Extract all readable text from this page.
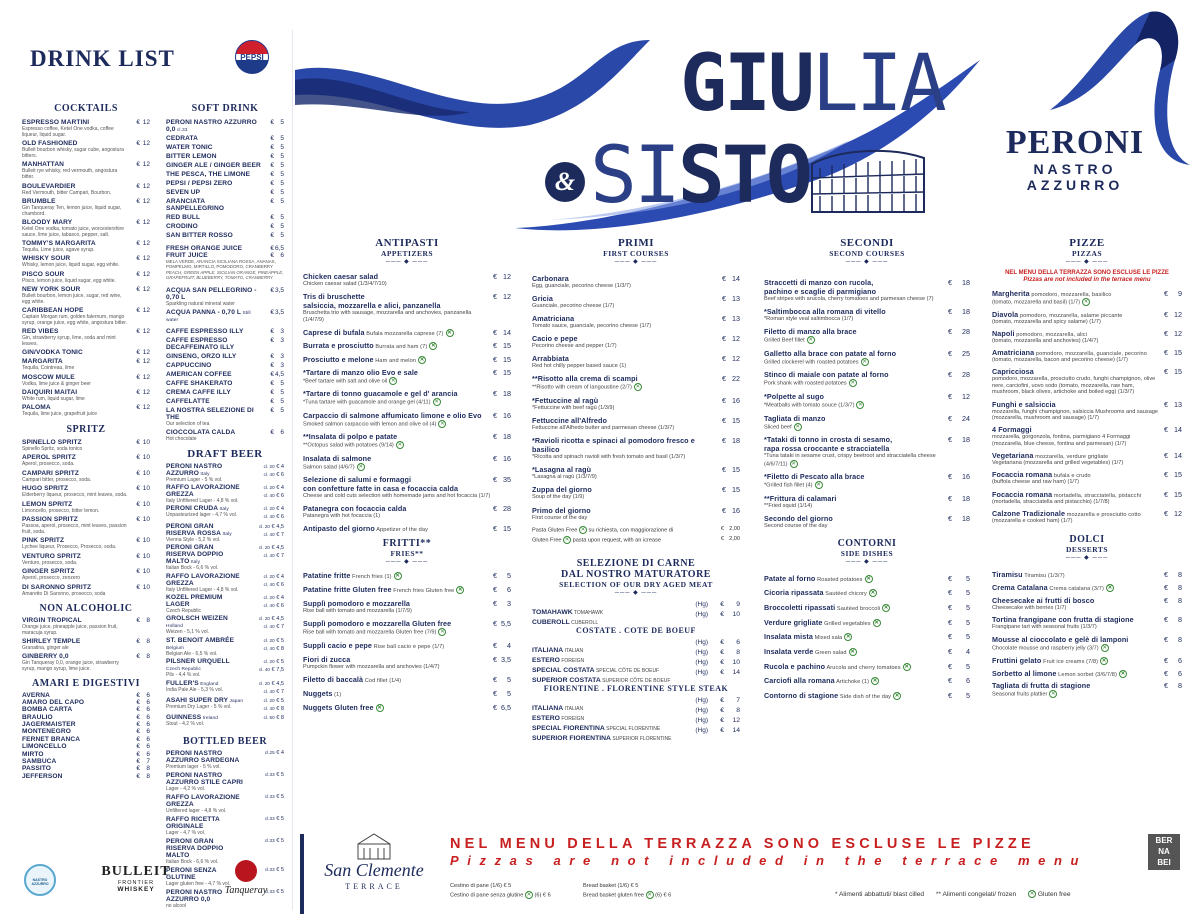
DRINK LIST	PEPSI
COCKTAILS
ESPRESSO MARTINI
Espresso coffee, Ketel One vodka, coffee liqueur, liquid sugar.
€ 12
OLD FASHIONED
Bulleit bourbon whisky, sugar cube, angostura bitters.
€ 12
MANHATTAN
Bulleit rye whisky, red vermouth, angostura bitter.
€ 12
BOULEVARDIER
Red Vermouth, bitter Campari, Bourbon.
€ 12
BRUMBLE
Gin Tanqueray Ten, lemon juice, liquid sugar, chambord.
€ 12
BLOODY MARY
Ketel One vodka, tomato juice, worcestershire sauce, lime juice, tabasco, pepper, salt.
€ 12
TOMMY'S MARGARITA
Tequila, Lime juice, agave syrup.
€ 12
WHISKY SOUR
Whisky, lemon juice, liquid sugar, egg white.
€ 12
PISCO SOUR
Pisco, lemon juice, liquid sugar, egg white.
€ 12
NEW YORK SOUR
Bulleit bourbon, lemon juice, sugar, red wine, egg white.
€ 12
CARIBBEAN HOPE
Captain Morgan rum, golden falernum, mango syrup, orange juice, egg white, angostura bitter.
€ 12
RED VIBES
Gin, strawberry syrup, lime, soda and mint leaves.
€ 12
GIN/VODKA TONIC	€ 12
MARGARITA
Tequila, Cointreau, lime
€ 12
MOSCOW MULE
Vodka, lime juice & ginger beer
€ 12
DAIQUIRI MAITAI
White rum, liquid sugar, lime
€ 12
PALOMA
Tequila, lime juice, grapefruit juice
€ 12
SPRITZ
SPINELLO SPRITZ
Spinello Spritz, soda tonico
€ 10
APEROL SPRITZ
Aperol, prosecco, soda.
€ 10
CAMPARI SPRITZ
Campari bitter, prosecco, soda.
€ 10
HUGO SPRITZ
Elderberry liqueur, prosecco, mint leaves, soda.
€ 10
LEMON SPRITZ
Limoncello, prosecco, bitter lemon.
€ 10
PASSION SPRITZ
Passoa, aperol, prosecco, mint leaves, passion fruit, soda.
€ 10
PINK SPRITZ
Lychee liqueur, Prosecco, Prosecco, soda.
€ 10
VENTURO SPRITZ
Venturo, prosecco, soda.
€ 10
GINGER SPRITZ
Aperol, prosecco, zenzero
€ 10
DI SARONNO SPRITZ
Amaretto Di Saronno, prosecco, soda
€ 10
NON ALCOHOLIC
VIRGIN TROPICAL
Orange juice, pineapple juice, passion fruit, maracuja syrup.
€ 8
SHIRLEY TEMPLE
Granatina, ginger ale
€ 8
GINBERRY 0,0
Gin Tanqueray 0,0, orange juice, strawberry syrup, mango syrup, lime juice.
€ 8
AMARI E DIGESTIVI
AVERNA	€ 6
AMARO DEL CAPO	€ 6
BOMBA CARTA	€ 6
BRAULIO	€ 6
JAGERMAISTER	€ 6
MONTENEGRO	€ 6
FERNET BRANCA	€ 6
LIMONCELLO	€ 6
MIRTO	€ 6
SAMBUCA	€ 7
PASSITO	€ 8
JEFFERSON	€ 8
SOFT DRINK
PERONI NASTRO AZZURRO 0,0 cl.33
€ 5
CEDRATA	€ 5
WATER TONIC	€ 5
BITTER LEMON	€ 5
GINGER ALE / GINGER BEER € 5
THE PESCA, THE LIMONE	€ 5
PEPSI / PEPSI ZERO	€ 5
SEVEN UP	€ 5
ARANCIATA SANPELLEGRINO
€ 5
RED BULL	€ 5
CRODINO	€ 5
SAN BITTER ROSSO	€ 5
FRESH ORANGE JUICE	€ 6,5
FRUIT JUICE	€ 6
MELA VERDE, ARANCIA SICILIANA ROSSA, ANANAS, POMPELMO, MIRTILLO, POMODORO, CRANBERRY
PEACH, GREEN APPLE, SICILIAN ORANGE, PINEAPPLE, GRAPEFRUIT, BLUEBERRY, TOMATO, CRANBERRY
ACQUA SAN PELLEGRINO - 0,70 L
Sparkling natural mineral water
€ 3,5
ACQUA PANNA - 0,70 L Still water
€ 3,5
CAFFE ESPRESSO ILLY	€ 3
CAFFE ESPRESSO DECAFFEINATO ILLY
€ 3
GINSENG, ORZO ILLY	€ 3
CAPPUCCINO	€ 3
AMERICAN COFFEE	€ 4,5
CAFFE SHAKERATO	€ 5
CREMA CAFFE ILLY	€ 5
CAFFELATTE	€ 5
LA NOSTRA SELEZIONE DI THE
Our selection of tea
€ 5
CIOCCOLATA CALDA
Hot chocolate
€ 6
DRAFT BEER
PERONI NASTRO AZZURRO Italy
Premium Lager - 5 % vol.
cl. 20 € 4
cl. 40 € 6
RAFFO LAVORAZIONE GREZZA
Italy Unfiltered Lager - 4,8 % vol.
cl. 20 € 4
cl. 40 € 6
PERONI CRUDA Italy
Unpasteurized lager - 4,7 % vol.
cl. 20 € 4
cl. 40 € 6
PERONI GRAN RISERVA ROSSA Italy
Vienna Style - 5,2 % vol.
cl. 20 € 4,5
cl. 40 € 7
PERONI GRAN RISERVA DOPPIO MALTO Italy
Italian Bock - 6,6 % vol.
cl. 20 € 4,5
cl. 40 € 7
RAFFO LAVORAZIONE GREZZA
Italy Unfiltered Lager - 4,8 % vol.
cl. 20 € 4
cl. 40 € 6
KOZEL PREMIUM LAGER
Czech Republic
cl. 20 € 4
cl. 40 € 6
GROLSCH WEIZEN Holland
Weizen - 5,1 % vol.
cl. 20 € 4,5
cl. 40 € 7
ST. BENOIT AMBRÉE Belgium
Belgian Ale - 6,5 % vol.
cl. 20 € 5
cl. 40 € 8
PILSNER URQUELL Czech Republic
Pils - 4,4 % vol.
cl. 20 € 5
cl. 40 € 7,5
FULLER'S England
India Pale Ale - 5,3 % vol.
cl. 20 € 4,5
cl. 40 € 7
ASAHI SUPER DRY Japan
Premium Dry Lager - 5 % vol.
cl. 20 € 5
cl. 40 € 8
GUINNESS Ireland
Stout - 4,2 % vol.
cl. 50 € 8
BOTTLED BEER
PERONI NASTRO AZZURRO SARDEGNA
Premium lager - 5 % vol.
cl.25 € 4
PERONI NASTRO AZZURRO STILE CAPRI
Lager - 4,2 % vol.
cl.33 € 5
RAFFO LAVORAZIONE GREZZA
Unfiltered lager - 4,8 % vol.
cl.33 € 5
RAFFO RICETTA ORIGINALE
Lager - 4,7 % vol.
cl.33 € 5
PERONI GRAN RISERVA DOPPIO MALTO
Italian Bock - 6,6 % vol.
cl.33 € 5
PERONI SENZA GLUTINE
Lager gluten free - 4,7 % vol.
cl.33 € 5
PERONI NASTRO AZZURRO 0,0
no alcool
cl.33 € 5
NASTRO AZZURRO
BULLEIT
FRONTIER
WHISKEY	Tanqueray
GIULIA
& SISTO	PERONI
NASTRO
AZZURRO
ANTIPASTI
APPETIZERS
─── ◆ ───
Chicken caesar salad
Chicken caesar salad (1/3/4/7/10)
€ 12
Tris di bruschette
salsiccia, mozzarella e alici, panzanella
Bruschetta trio with sausage, mozzarella and anchovies, panzanella (1/4/7/9)
€ 12
Caprese di bufala Bufala mozzarella caprese (7) ✕	€ 14
Burrata e prosciutto Burrata and ham (7) ✕	€ 15
Prosciutto e melone Ham and melon ✕	€ 15
*Tartare di manzo olio Evo e sale
*Beef tartare with salt and olive oil ✕
€ 15
*Tartare di tonno guacamole e gel d' arancia
*Tuna tartare with guacamole and orange gel (4/11) ✕
€ 18
Carpaccio di salmone affumicato limone e olio Evo
Smoked salmon carpaccio with lemon and olive oil (4) ✕
€ 16
**Insalata di polpo e patate
**Octopus salad with potatoes (9/14) ✕
€ 18
Insalata di salmone
Salmon salad (4/6/7) ✕
€ 16
Selezione di salumi e formaggi
con confetture fatte in casa e focaccia calda
Cheese and cold cuts selection with homemade jams and hot focaccia (1/7)
€ 35
Patanegra con focaccia calda
Patanegra with hot focaccia (1)
€ 28
Antipasto del giorno Appetizer of the day	€ 15
FRITTI**
FRIES**
─── ◆ ───
Patatine fritte French fries (1) ✕	€ 5
Patatine fritte Gluten free French fries Gluten free ✕	€ 6
Supplì pomodoro e mozzarella
Rise ball with tomato and mozzarella (1/7/9)
€ 3
Supplì pomodoro e mozzarella Gluten free
Rise ball with tomato and mozzarella Gluten free (7/9) ✕
€ 5,5
Supplì cacio e pepe Rise ball cacio e pepe (1/7)	€ 4
Fiori di zucca
Pumpckin flower with mozzarella and anchovies (1/4/7)
€ 3,5
Filetto di baccalà Cod fillet (1/4)	€ 5
Nuggets (1)	€ 5
Nuggets Gluten free ✕	€ 6,5
PRIMI
FIRST COURSES
─── ◆ ───
Carbonara
Egg, guanciale, pecorino cheese (1/3/7)
€ 14
Gricia
Guanciale, pecorino cheese (1/7)
€ 13
Amatriciana
Tomato sauce, guanciale, pecorino cheese (1/7)
€ 13
Cacio e pepe
Pecorino cheese and pepper (1/7)
€ 12
Arrabbiata
Red hot chilly pepper based sauce (1)
€ 12
**Risotto alla crema di scampi
**Risotto with cream of langoustine (2/7) ✕
€ 22
*Fettuccine al ragù
*Fettuccine with beef ragù (1/3/9)
€ 16
Fettuccine all'Alfredo
Fettuccine all'Alfredo butter and parmesan cheese (1/3/7)
€ 15
*Ravioli ricotta e spinaci al pomodoro fresco e basilico
*Ricotta and spinach ravioli with fresh tomato and basil (1/3/7)
€ 18
*Lasagna al ragù
*Lasagna al ragù (1/3/7/9)
€ 15
Zuppa del giorno
Soup of the day (1/9)
€ 15
Primo del giorno
First course of the day
€ 16
Pasta Gluten Free ✕ su richiesta, con maggiorazione di	€ 2,00
Gluten Free ✕ pasta upon request, with an icrease	€ 2,00
SELEZIONE DI CARNE
DAL NOSTRO MATURATORE
SELECTION OF OUR DRY AGED MEAT
─── ◆ ───
TOMAHAWK TOMAHAWK
(Hg) € 9
CUBEROLL CUBEROLL
(Hg) € 10
COSTATE . COTE DE BOEUF
ITALIANA ITALIAN
(Hg) € 6
ESTERO FOREIGN
(Hg) € 8
SPECIAL COSTATA SPECIAL CÔTE DE BOEUF
(Hg) € 10
SUPERIOR COSTATA SUPERIOR CÔTE DE BOEUF
(Hg) € 14
FIORENTINE . FLORENTINE STYLE STEAK
ITALIANA ITALIAN
(Hg) € 7
ESTERO FOREIGN
(Hg) € 8
SPECIAL FIORENTINA SPECIAL FLORENTINE
(Hg) € 12
SUPERIOR FIORENTINA SUPERIOR FLORENTINE
(Hg) € 14
SECONDI
SECOND COURSES
─── ◆ ───
Straccetti di manzo con rucola,
pachino e scaglie di parmigiano
Beef stripes with arucola, cherry tomatoes and parmesan cheese (7)
€ 18
*Saltimbocca alla romana di vitello
*Roman style veal saltimbocca (1/7)
€ 18
Filetto di manzo alla brace
Grilled Beef fillet ✕
€ 28
Galletto alla brace con patate al forno
Grilled clockerel with roasted potatoes ✕
€ 25
Stinco di maiale con patate al forno
Pork shank with roasted potatoes ✕
€ 28
*Polpette al sugo
*Meatballs with tomato souce (1/3/7) ✕
€ 12
Tagliata di manzo
Sliced beef ✕
€ 24
*Tataki di tonno in crosta di sesamo,
rapa rossa croccante e stracciatella
*Tuna tataki in sesame crust, crispy beetroot and stracciatella cheese (4/6/7/11) ✕
€ 18
*Filetto di Pescato alla brace
*Grilled fish fillet (4) ✕
€ 16
**Frittura di calamari
**Fried squid (1/14)
€ 18
Secondo del giorno
Second course of the day
€ 18
CONTORNI
SIDE DISHES
─── ◆ ───
Patate al forno Roasted potatoes ✕	€ 5
Cicoria ripassata Sautéed chicory ✕	€ 5
Broccoletti ripassati Sautéed broccoli ✕	€ 5
Verdure grigliate Grilled vegetables ✕	€ 5
Insalata mista Mixed sala ✕	€ 5
Insalata verde Green salad ✕	€ 4
Rucola e pachino Arucola and cherry tomatoes ✕	€ 5
Carciofi alla romana Artichoke (1) ✕	€ 6
Contorno di stagione Side dish of the day ✕	€ 5
PIZZE
PIZZAS
─── ◆ ───
NEL MENU DELLA TERRAZZA SONO ESCLUSE LE PIZZE
Pizzas are not included in the terrace menu
Margherita pomodoro, mozzarella, basilico
(tomato, mozzarella and basil) (1/7) ✕
€ 9
Diavola pomodoro, mozzarella, salame piccante
(tomato, mozzarella and spicy salame) (1/7)
€ 12
Napoli pomodoro, mozzarella, alici
(tomato, mozzarella and anchovies) (1/4/7)
€ 12
Amatriciana pomodoro, mozzarella, guanciale, pecorino
(tomato, mozzarella, bacon and pecorino cheese) (1/7)
€ 15
Capricciosa
pomodoro, mozzarella, prosciutto crudo, funghi champignon, olive nere, carciofini, uovo sodo (tomato, mozzarella, raw ham, mushroom, black olives, artichoke and boiled egg) (1/3/7)
€ 15
Funghi e salsiccia
mozzarella, funghi champignon, salsiccia Mushrooms and sausage (mozzarella, mushroom and sausage) (1/7)
€ 13
4 Formaggi
mozzarella, gorgonzola, fontina, parmigiano 4 Formaggi (mozzarella, blue cheese, fontina and parmesan) (1/7)
€ 14
Vegetariana mozzarella, verdure grigliate
Vegetariana (mozzarella and grilled vegetables) (1/7)
€ 14
Focaccia romana bufala e crudo
(buffola cheese and raw ham) (1/7)
€ 15
Focaccia romana mortadella, stracciatella, pistacchi
(mortadella, stracciatella and pistacchio) (1/7/8)
€ 15
Calzone Tradizionale mozzarella e prosciutto cotto
(mozzarella e cooked ham) (1/7)
€ 12
DOLCI
DESSERTS
─── ◆ ───
Tiramisu Tiramisu (1/3/7)	€ 8
Crema Catalana Crema catalana (3/7) ✕	€ 8
Cheesecake ai frutti di bosco
Cheesecake with berries (1/7)
€ 8
Tortina frangipane con frutta di stagione
Frangipane tart with seasonal fruits (1/3/7)
€ 8
Mousse al cioccolato e gelè di lamponi
Chocolate mousse and raspberry jelly (3/7) ✕
€ 8
Fruttini gelato Fruit ice creams (7/8) ✕	€ 6
Sorbetto al limone Lemon sorbet (3/6/7/8) ✕	€ 6
Tagliata di frutta di stagione
Seasonal fruits plattier ✕
€ 8
San Clemente
TERRACE
NEL MENU DELLA TERRAZZA SONO ESCLUSE LE PIZZE
Pizzas are not included in the terrace menu
BER
NA
BEI
Cestino di pane (1/6) € 5
Cestino di pane senza glutine ✕ (6) € 6
Bread basket (1/6) € 5
Bread basket gluten free ✕ (6) € 6	* Alimenti abbattuti/ blast cilled ** Alimenti congelati/ frozen ✕ Gluten free
